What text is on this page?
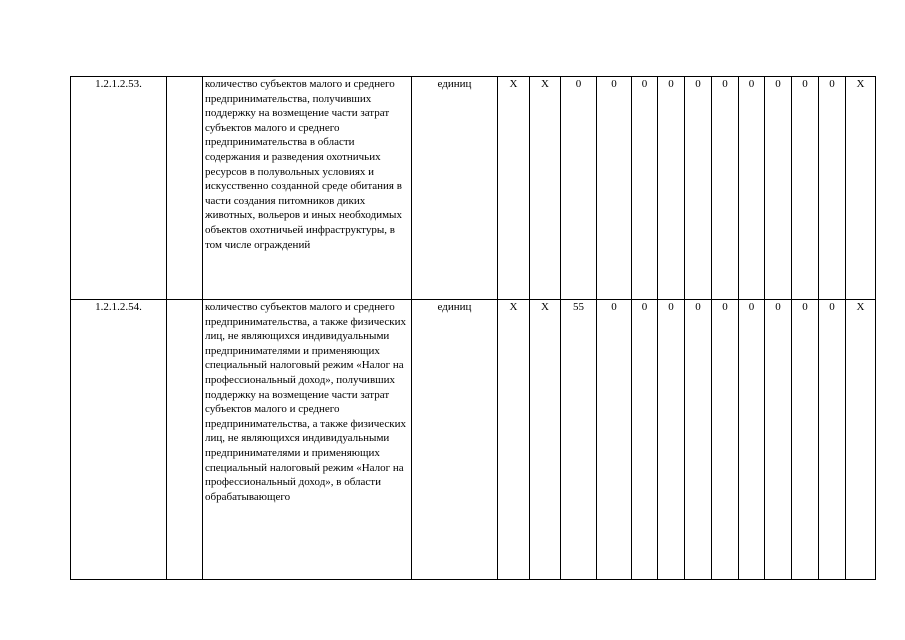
1.2.1.2.53.		количество субъектов малого и среднего предпринимательства, получивших поддержку на возмещение части затрат субъектов малого и среднего предпринимательства в области содержания и разведения охотничьих ресурсов в полувольных условиях и искусственно созданной среде обитания в части создания питомников диких животных, вольеров и иных необходимых объектов охотничьей инфраструктуры, в том числе ограждений	единиц	X	X	0	0	0	0	0	0	0	0	0	0	X
1.2.1.2.54.		количество субъектов малого и среднего предпринимательства, а также физических лиц, не являющихся индивидуальными предпринимателями и применяющих специальный налоговый режим «Налог на профессиональный доход», получивших поддержку на возмещение части затрат субъектов малого и среднего предпринимательства, а также физических лиц, не являющихся индивидуальными предпринимателями и применяющих специальный налоговый режим «Налог на профессиональный доход», в области обрабатывающего	единиц	X	X	55	0	0	0	0	0	0	0	0	0	X
